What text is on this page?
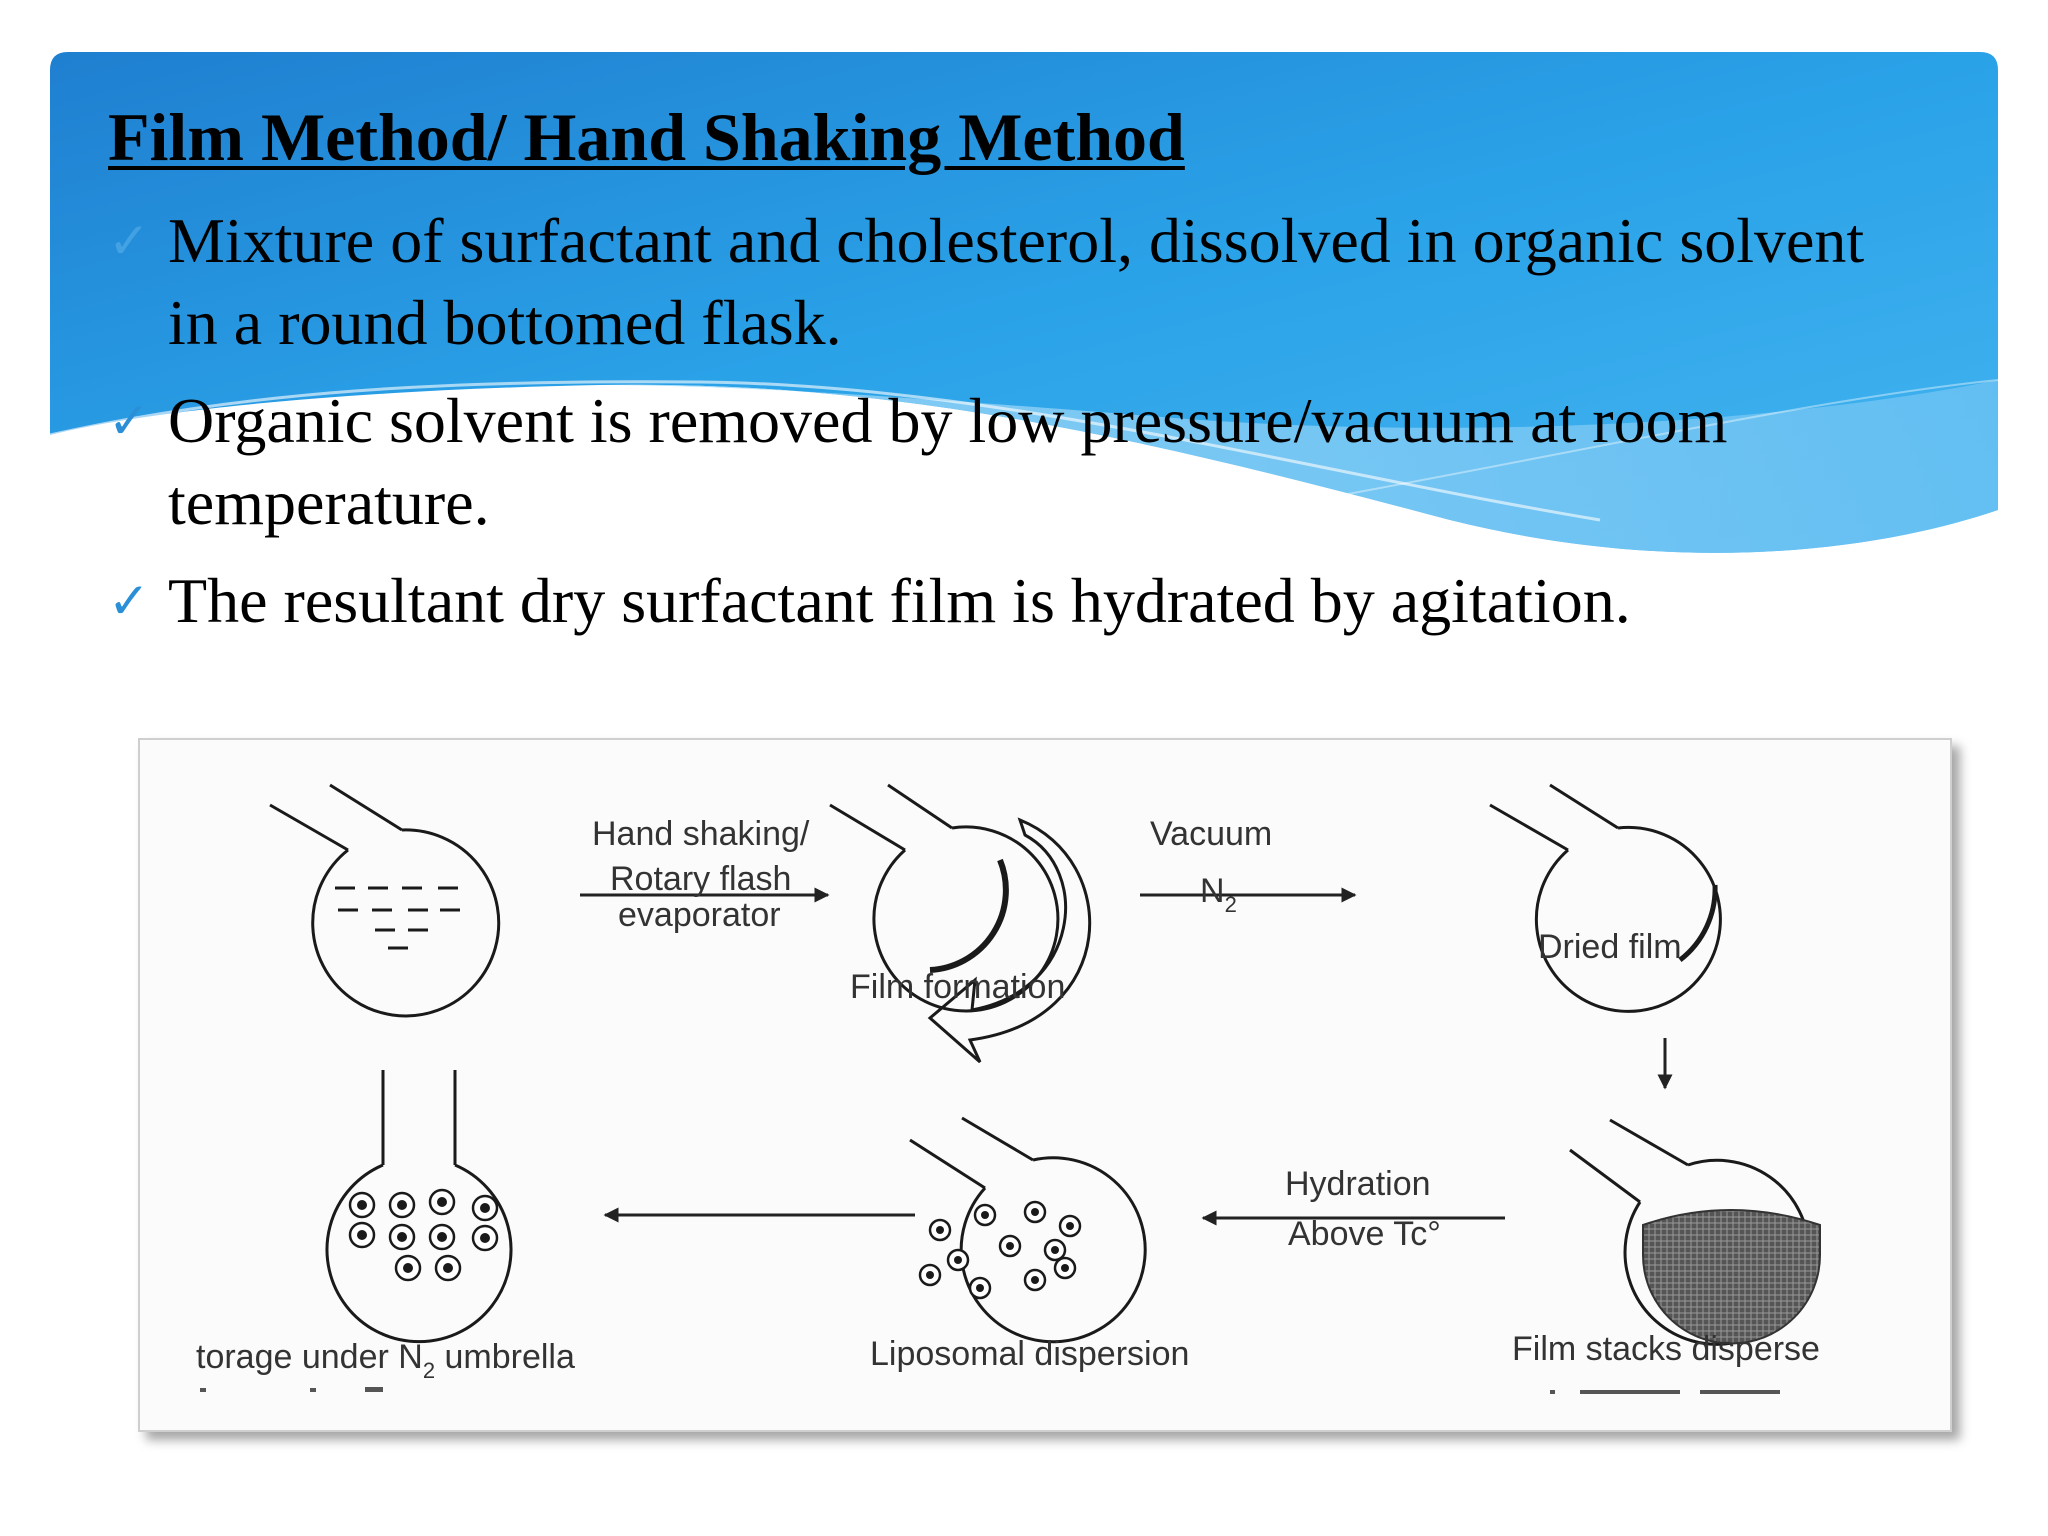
Film Method/ Hand Shaking Method
✓ Mixture of surfactant and cholesterol, dissolved in organic solvent in a round bottomed flask.
✓ Organic solvent is removed by low pressure/vacuum at room temperature.
✓ The resultant dry surfactant film is hydrated by agitation.
Hand shaking/
Rotary flash
evaporator
Vacuum
$N_2$
Film formation
Dried film
Hydration
Above Tc°
torage under $N_2$ umbrella	Liposomal dispersion	Film stacks disperse
